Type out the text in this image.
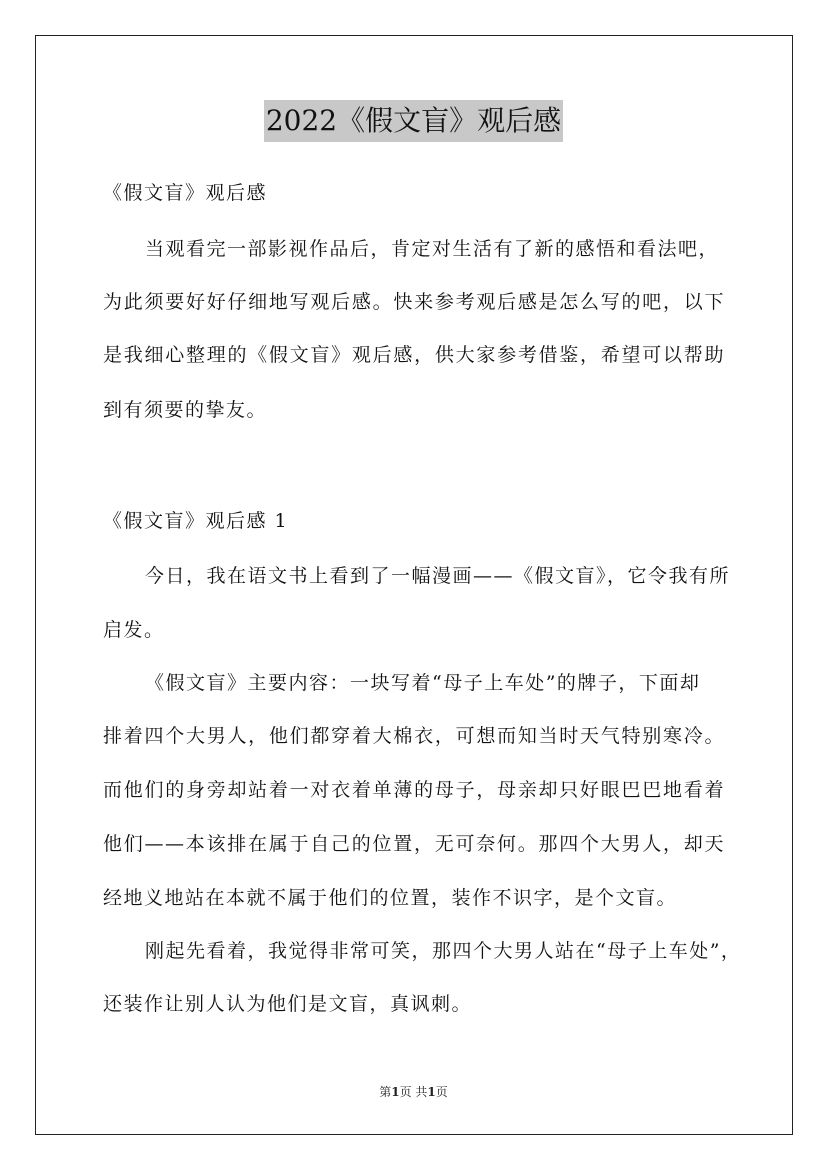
2022《假文盲》观后感
《假文盲》观后感
当观看完一部影视作品后，肯定对生活有了新的感悟和看法吧，
为此须要好好仔细地写观后感。快来参考观后感是怎么写的吧，以下
是我细心整理的《假文盲》观后感，供大家参考借鉴，希望可以帮助
到有须要的挚友。
《假文盲》观后感 1
今日，我在语文书上看到了一幅漫画——《假文盲》，它令我有所
启发。
《假文盲》主要内容：一块写着“母子上车处”的牌子，下面却
排着四个大男人，他们都穿着大棉衣，可想而知当时天气特别寒冷。
而他们的身旁却站着一对衣着单薄的母子，母亲却只好眼巴巴地看着
他们——本该排在属于自己的位置，无可奈何。那四个大男人，却天
经地义地站在本就不属于他们的位置，装作不识字，是个文盲。
刚起先看着，我觉得非常可笑，那四个大男人站在“母子上车处”，
还装作让别人认为他们是文盲，真讽刺。
第1页 共1页
